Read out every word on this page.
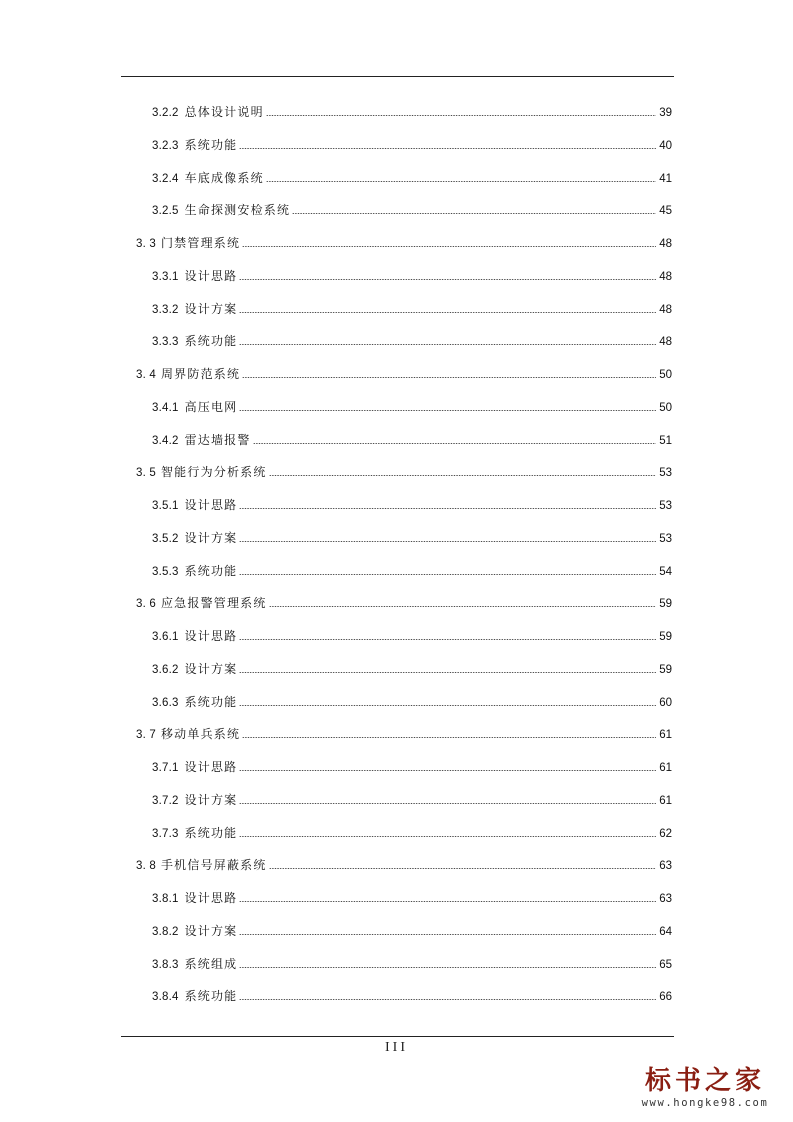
3.2.2 总体设计说明	39
3.2.3 系统功能	40
3.2.4 车底成像系统	41
3.2.5 生命探测安检系统	45
3. 3 门禁管理系统	48
3.3.1 设计思路	48
3.3.2 设计方案	48
3.3.3 系统功能	48
3. 4 周界防范系统	50
3.4.1 高压电网	50
3.4.2 雷达墙报警	51
3. 5 智能行为分析系统	53
3.5.1 设计思路	53
3.5.2 设计方案	53
3.5.3 系统功能	54
3. 6 应急报警管理系统	59
3.6.1 设计思路	59
3.6.2 设计方案	59
3.6.3 系统功能	60
3. 7 移动单兵系统	61
3.7.1 设计思路	61
3.7.2 设计方案	61
3.7.3 系统功能	62
3. 8 手机信号屏蔽系统	63
3.8.1 设计思路	63
3.8.2 设计方案	64
3.8.3 系统组成	65
3.8.4 系统功能	66
III
标书之家
www.hongke98.com
